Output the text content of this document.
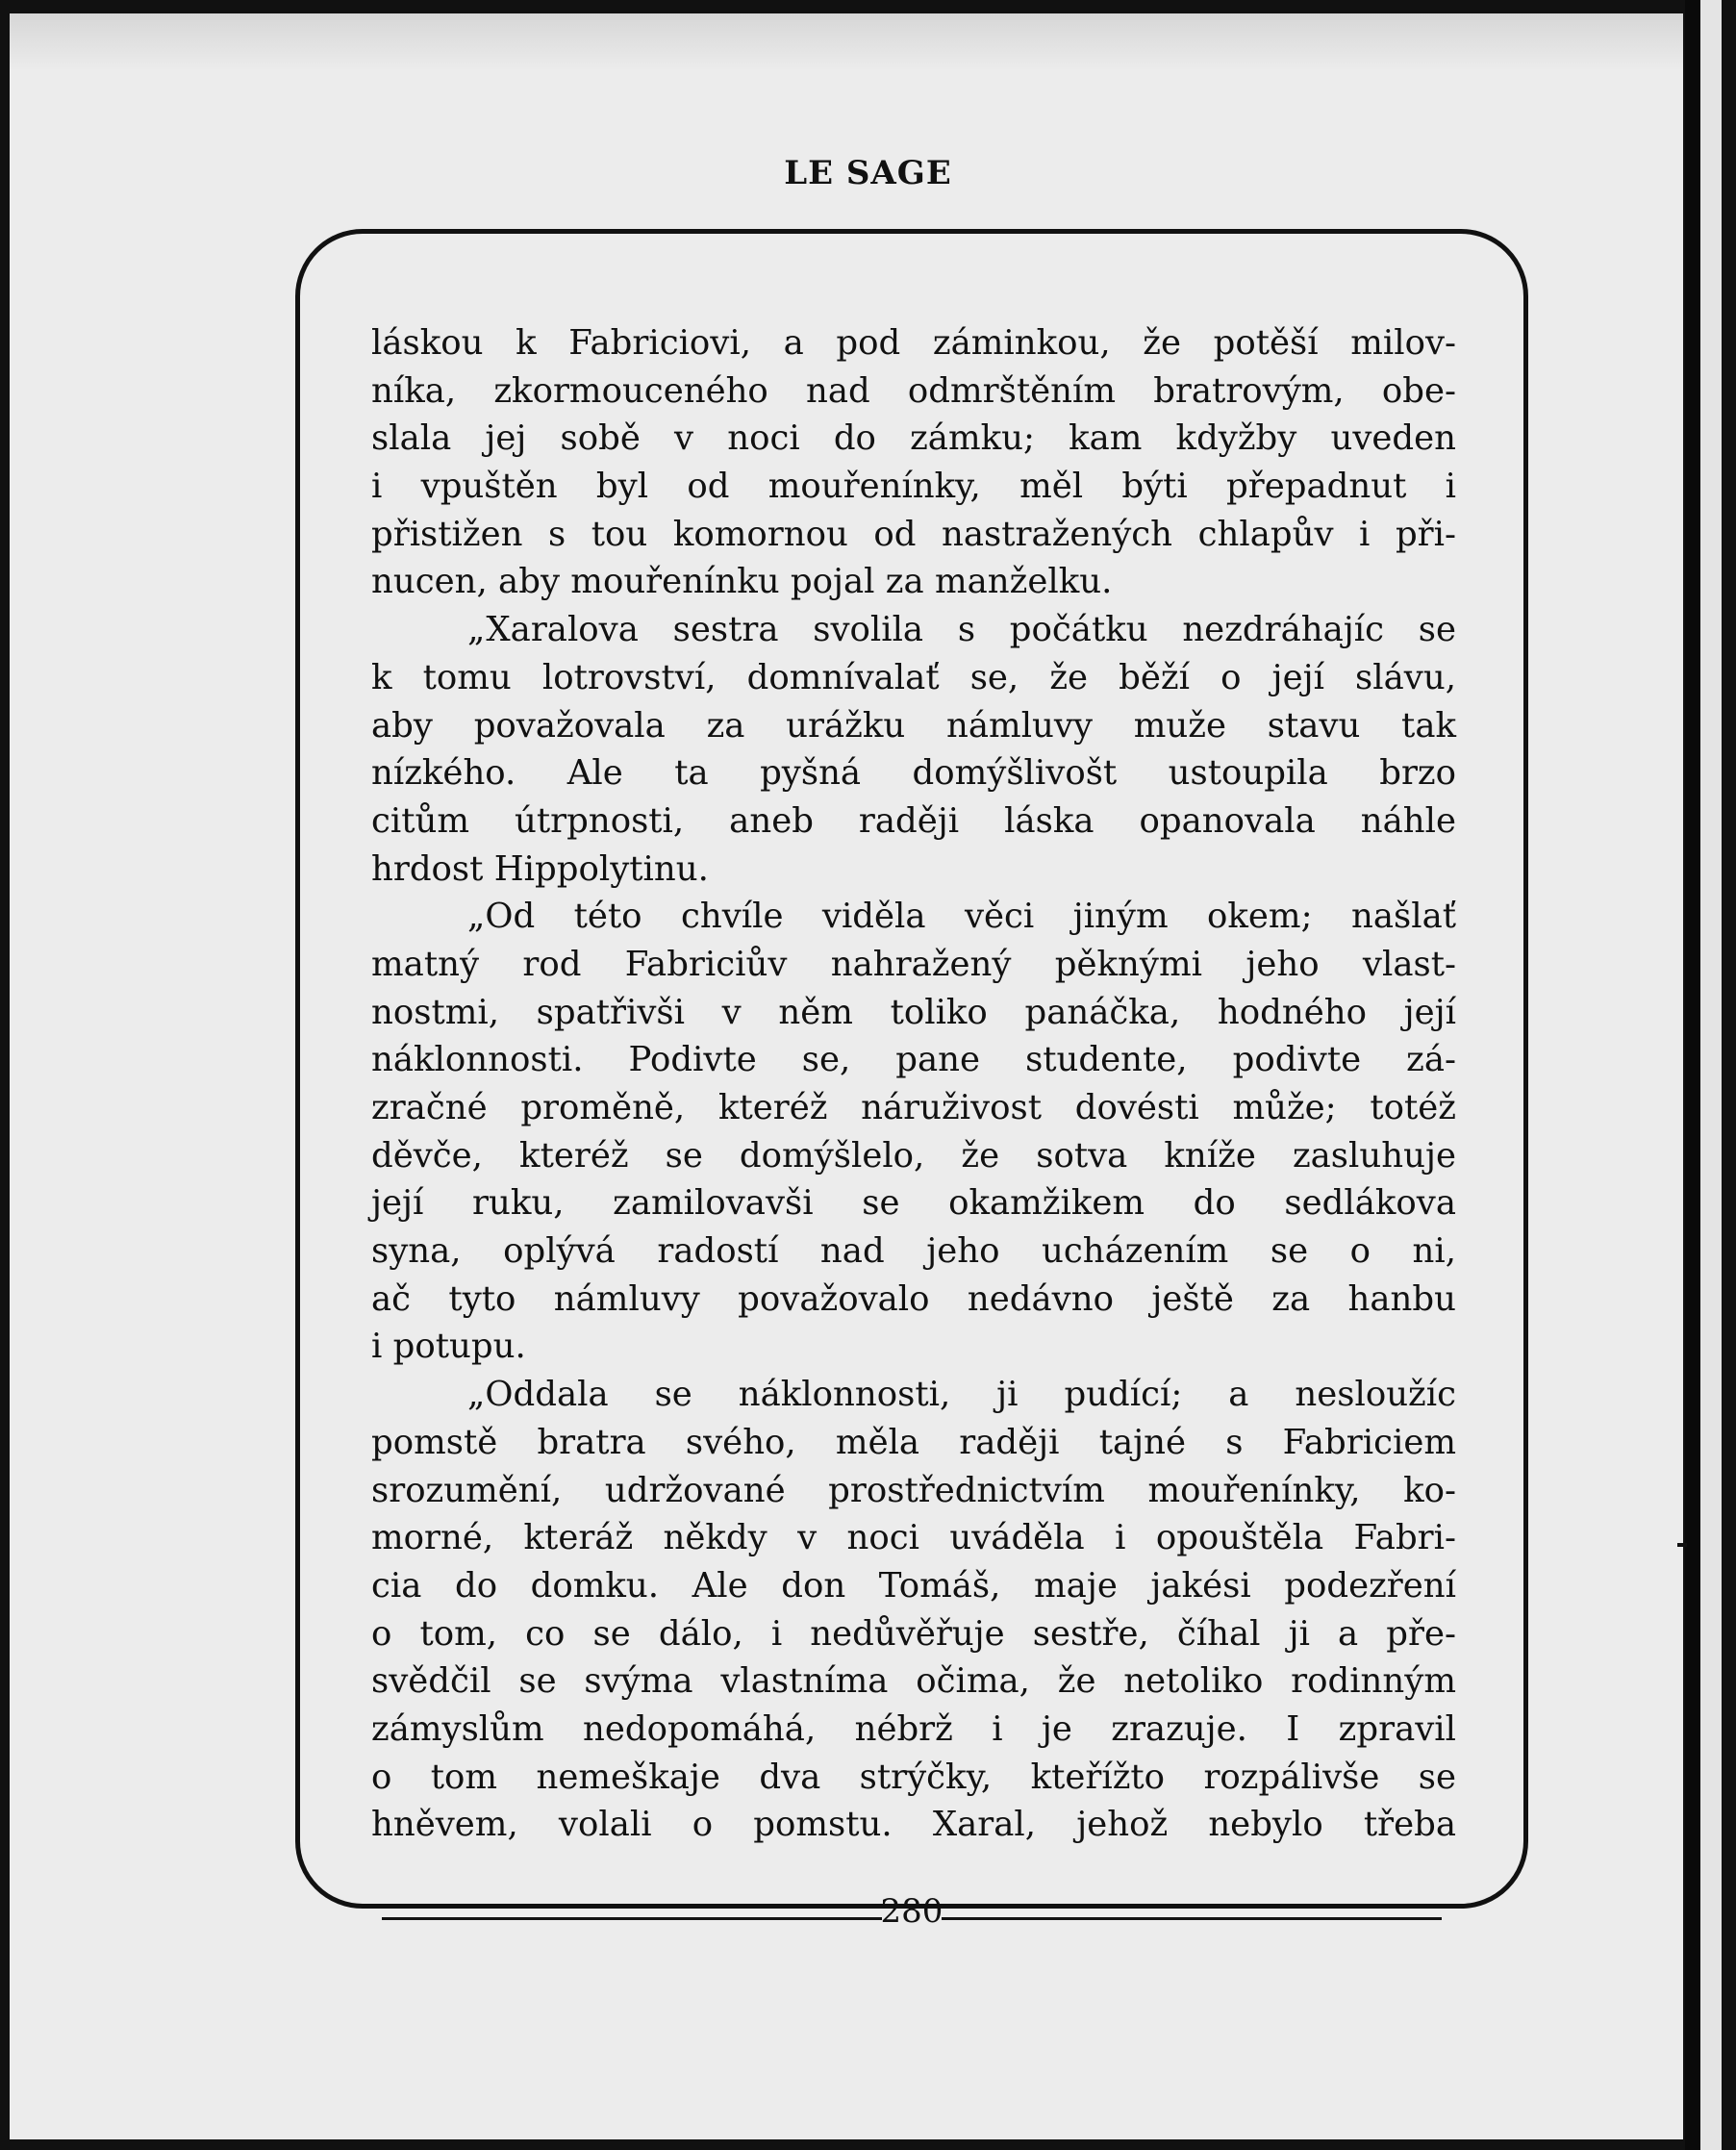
LE SAGE
láskou k Fabriciovi, a pod záminkou, že potěší milov-
níka, zkormouceného nad odmrštěním bratrovým, obe-
slala jej sobě v noci do zámku; kam kdyžby uveden
i vpuštěn byl od mouřenínky, měl býti přepadnut i
přistižen s tou komornou od nastražených chlapův i při-
nucen, aby mouřenínku pojal za manželku.
„Xaralova sestra svolila s počátku nezdráhajíc se
k tomu lotrovství, domnívalať se, že běží o její slávu,
aby považovala za urážku námluvy muže stavu tak
nízkého. Ale ta pyšná domýšlivošt ustoupila brzo
citům útrpnosti, aneb raději láska opanovala náhle
hrdost Hippolytinu.
„Od této chvíle viděla věci jiným okem; našlať
matný rod Fabriciův nahražený pěknými jeho vlast-
nostmi, spatřivši v něm toliko panáčka, hodného její
náklonnosti. Podivte se, pane studente, podivte zá-
zračné proměně, kteréž náruživost dovésti může; totéž
děvče, kteréž se domýšlelo, že sotva kníže zasluhuje
její ruku, zamilovavši se okamžikem do sedlákova
syna, oplývá radostí nad jeho ucházením se o ni,
ač tyto námluvy považovalo nedávno ještě za hanbu
i potupu.
„Oddala se náklonnosti, ji pudící; a nesloužíc
pomstě bratra svého, měla raději tajné s Fabriciem
srozumění, udržované prostřednictvím mouřenínky, ko-
morné, kteráž někdy v noci uváděla i opouštěla Fabri-
cia do domku. Ale don Tomáš, maje jakési podezření
o tom, co se dálo, i nedůvěřuje sestře, číhal ji a pře-
svědčil se svýma vlastníma očima, že netoliko rodinným
zámyslům nedopomáhá, nébrž i je zrazuje. I zpravil
o tom nemeškaje dva strýčky, kteřížto rozpálivše se
hněvem, volali o pomstu. Xaral, jehož nebylo třeba
280
